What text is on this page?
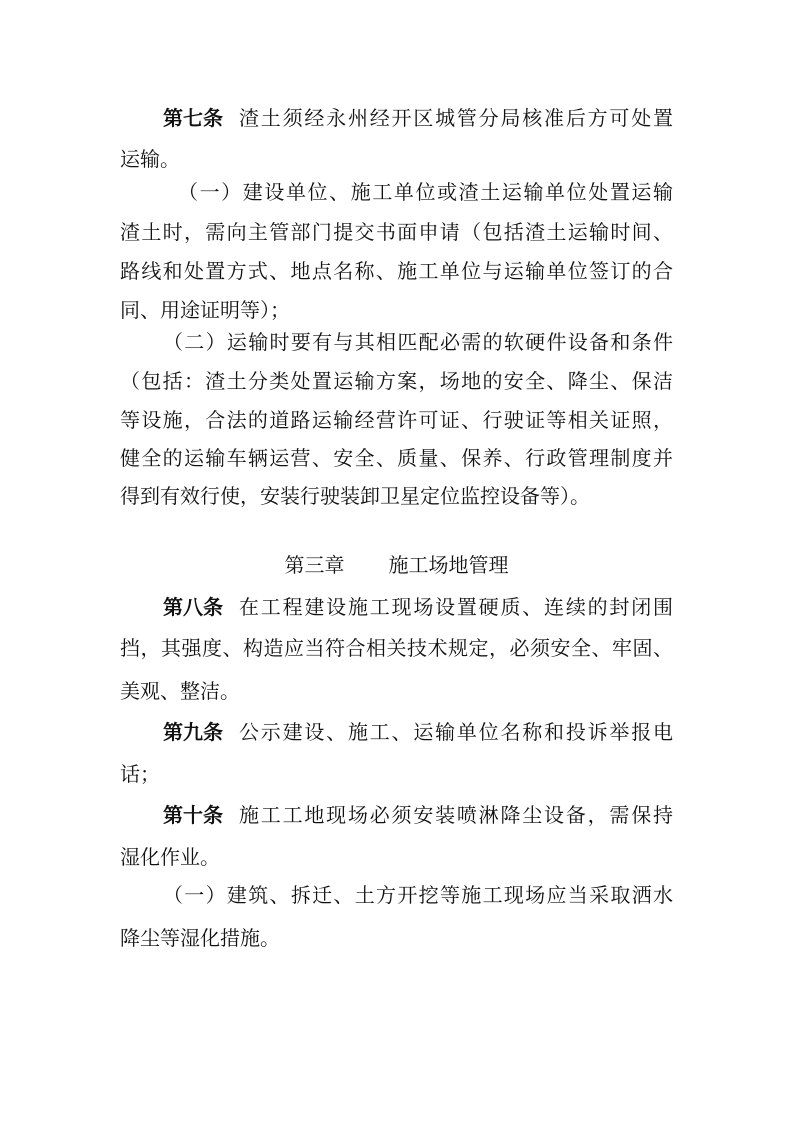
第七条 渣土须经永州经开区城管分局核准后方可处置
运输。
（一）建设单位、施工单位或渣土运输单位处置运输
渣土时，需向主管部门提交书面申请（包括渣土运输时间、
路线和处置方式、地点名称、施工单位与运输单位签订的合
同、用途证明等）；
（二）运输时要有与其相匹配必需的软硬件设备和条件
（包括：渣土分类处置运输方案，场地的安全、降尘、保洁
等设施，合法的道路运输经营许可证、行驶证等相关证照，
健全的运输车辆运营、安全、质量、保养、行政管理制度并
得到有效行使，安装行驶装卸卫星定位监控设备等）。
第三章 施工场地管理
第八条 在工程建设施工现场设置硬质、连续的封闭围
挡，其强度、构造应当符合相关技术规定，必须安全、牢固、
美观、整洁。
第九条 公示建设、施工、运输单位名称和投诉举报电
话；
第十条 施工工地现场必须安装喷淋降尘设备，需保持
湿化作业。
（一）建筑、拆迁、土方开挖等施工现场应当采取洒水
降尘等湿化措施。
